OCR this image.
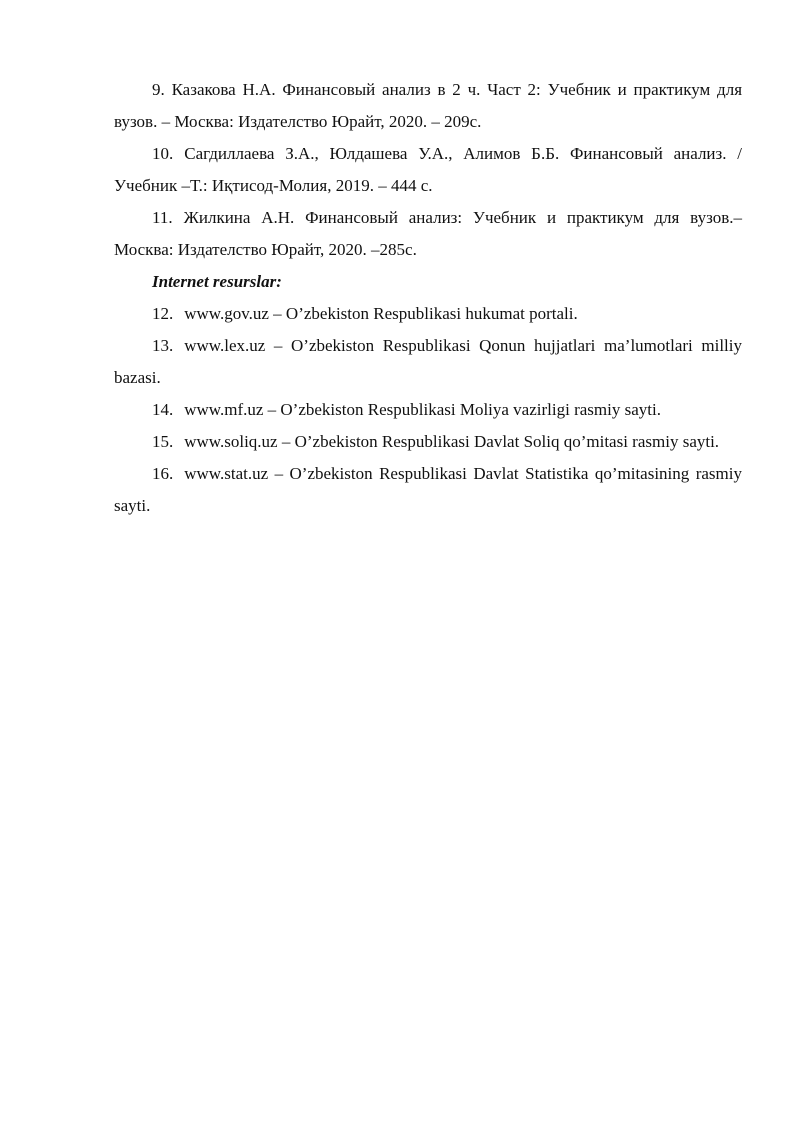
9. Казакова Н.А. Финансовый анализ в 2 ч. Част 2: Учебник и практикум для вузов. – Москва: Издателство Юрайт, 2020. – 209с.

10. Сагдиллаева З.А., Юлдашева У.А., Алимов Б.Б. Финансовый анализ. /Учебник –Т.: Иқтисод-Молия, 2019. – 444 с.

11. Жилкина А.Н. Финансовый анализ: Учебник и практикум для вузов.– Москва: Издателство Юрайт, 2020. –285с.

Internet resurslar:

12. www.gov.uz – O’zbekiston Respublikasi hukumat portali.

13. www.lex.uz – O’zbekiston Respublikasi Qonun hujjatlari ma’lumotlari milliy bazasi.

14. www.mf.uz – O’zbekiston Respublikasi Moliya vazirligi rasmiy sayti.

15. www.soliq.uz – O’zbekiston Respublikasi Davlat Soliq qo’mitasi rasmiy sayti.

16. www.stat.uz – O’zbekiston Respublikasi Davlat Statistika qo’mitasining rasmiy sayti.
